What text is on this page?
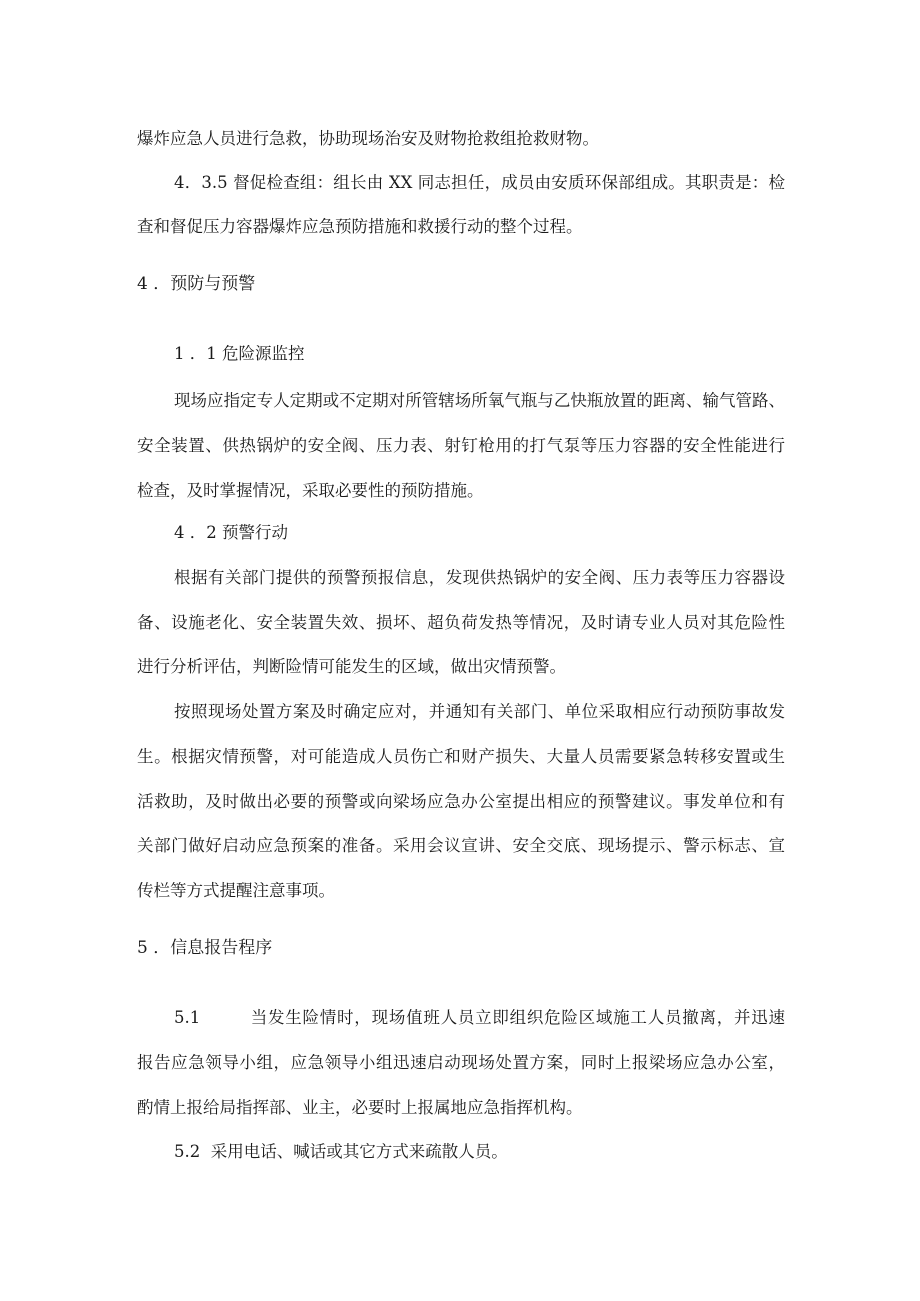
爆炸应急人员进行急救，协助现场治安及财物抢救组抢救财物。

4．3.5 督促检查组：组长由 XX 同志担任，成员由安质环保部组成。其职责是：检

查和督促压力容器爆炸应急预防措施和救援行动的整个过程。

4 ．预防与预警

1 ．1 危险源监控

现场应指定专人定期或不定期对所管辖场所氧气瓶与乙快瓶放置的距离、输气管路、

安全装置、供热锅炉的安全阀、压力表、射钉枪用的打气泵等压力容器的安全性能进行

检查，及时掌握情况，采取必要性的预防措施。

4 ．2 预警行动

根据有关部门提供的预警预报信息，发现供热锅炉的安全阀、压力表等压力容器设

备、设施老化、安全装置失效、损坏、超负荷发热等情况，及时请专业人员对其危险性

进行分析评估，判断险情可能发生的区域，做出灾情预警。

按照现场处置方案及时确定应对，并通知有关部门、单位采取相应行动预防事故发

生。根据灾情预警，对可能造成人员伤亡和财产损失、大量人员需要紧急转移安置或生

活救助，及时做出必要的预警或向梁场应急办公室提出相应的预警建议。事发单位和有

关部门做好启动应急预案的准备。采用会议宣讲、安全交底、现场提示、警示标志、宣

传栏等方式提醒注意事项。

5 ．信息报告程序

5.1	当发生险情时，现场值班人员立即组织危险区域施工人员撤离，并迅速

报告应急领导小组，应急领导小组迅速启动现场处置方案，同时上报梁场应急办公室，

酌情上报给局指挥部、业主，必要时上报属地应急指挥机构。

5.2  采用电话、喊话或其它方式来疏散人员。
